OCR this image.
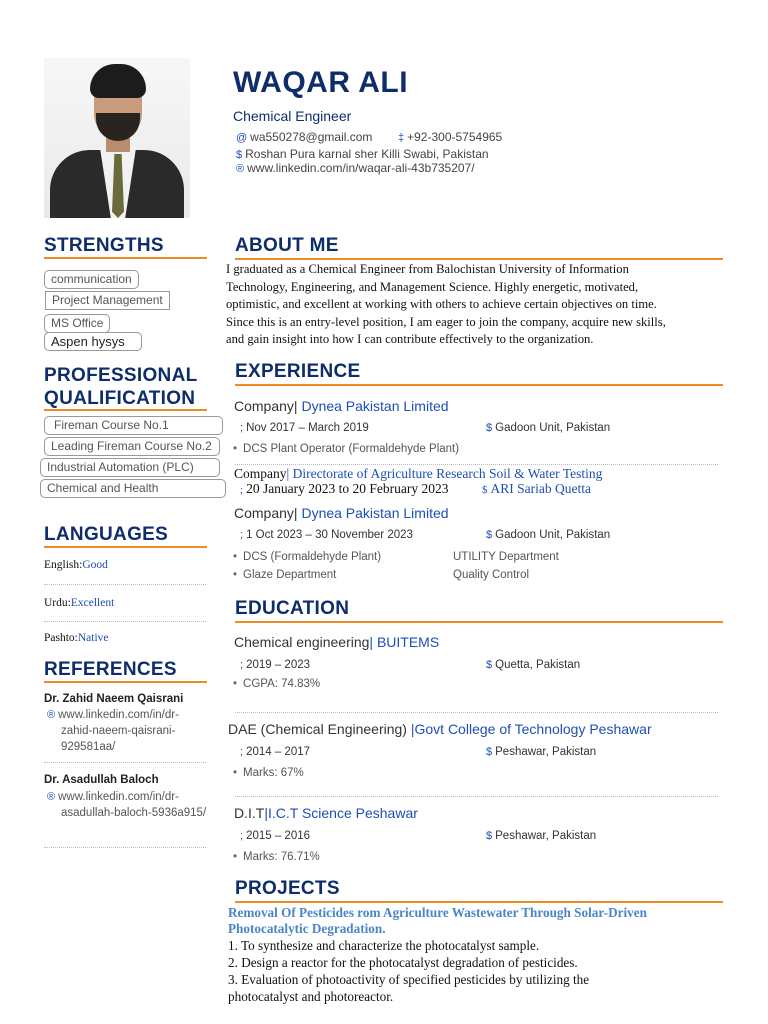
WAQAR ALI
Chemical Engineer
@ wa550278@gmail.com ‡ +92-300-5754965
$ Roshan Pura karnal sher Killi Swabi, Pakistan
® www.linkedin.com/in/waqar-ali-43b735207/
STRENGTHS
communication
Project Management
MS Office
Aspen hysys
PROFESSIONAL
QUALIFICATION
Fireman Course No.1
Leading Fireman Course No.2
Industrial Automation (PLC)
Chemical and Health
LANGUAGES
English:Good
Urdu:Excellent
Pashto:Native
REFERENCES
Dr. Zahid Naeem Qaisrani
® www.linkedin.com/in/dr-
zahid-naeem-qaisrani-
929581aa/
Dr. Asadullah Baloch
® www.linkedin.com/in/dr-
asadullah-baloch-5936a915/
ABOUT ME
I graduated as a Chemical Engineer from Balochistan University of Information
Technology, Engineering, and Management Science. Highly energetic, motivated,
optimistic, and excellent at working with others to achieve certain objectives on time.
Since this is an entry-level position, I am eager to join the company, acquire new skills,
and gain insight into how I can contribute effectively to the organization.
EXPERIENCE
Company| Dynea Pakistan Limited
; Nov 2017 – March 2019	$ Gadoon Unit, Pakistan
• DCS Plant Operator (Formaldehyde Plant)
Company| Directorate of Agriculture Research Soil & Water Testing
; 20 January 2023 to 20 February 2023	$ ARI Sariab Quetta
Company| Dynea Pakistan Limited
; 1 Oct 2023 – 30 November 2023	$ Gadoon Unit, Pakistan
• DCS (Formaldehyde Plant)	UTILITY Department
• Glaze Department	Quality Control
EDUCATION
Chemical engineering| BUITEMS
; 2019 – 2023	$ Quetta, Pakistan
• CGPA: 74.83%
DAE (Chemical Engineering) |Govt College of Technology Peshawar
; 2014 – 2017	$ Peshawar, Pakistan
• Marks: 67%
D.I.T|I.C.T Science Peshawar
; 2015 – 2016	$ Peshawar, Pakistan
• Marks: 76.71%
PROJECTS
Removal Of Pesticides rom Agriculture Wastewater Through Solar-Driven
Photocatalytic Degradation.
1. To synthesize and characterize the photocatalyst sample.
2. Design a reactor for the photocatalyst degradation of pesticides.
3. Evaluation of photoactivity of specified pesticides by utilizing the
photocatalyst and photoreactor.
